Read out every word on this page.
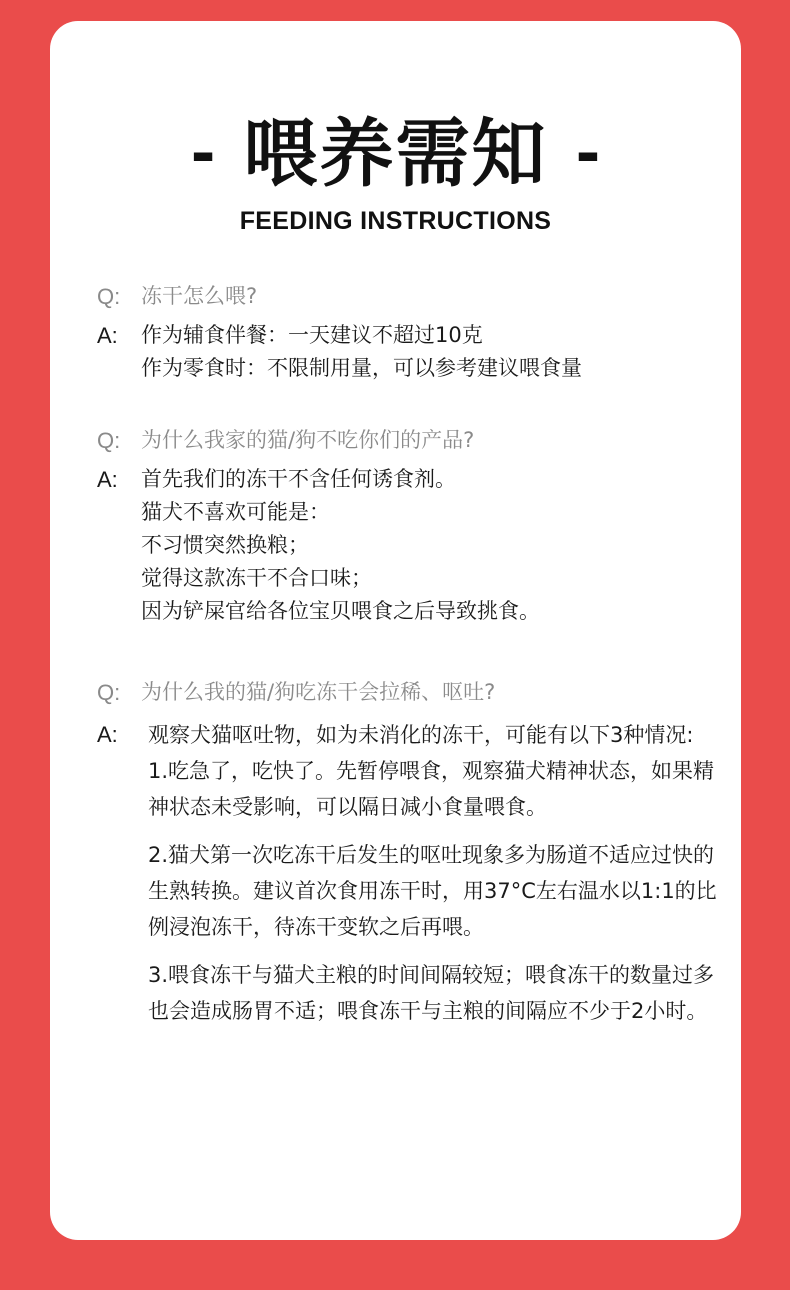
- 喂养需知 -
FEEDING INSTRUCTIONS
Q: 冻干怎么喂?
A: 作为辅食伴餐：一天建议不超过10克
作为零食时：不限制用量，可以参考建议喂食量
Q: 为什么我家的猫/狗不吃你们的产品?
A: 首先我们的冻干不含任何诱食剂。
猫犬不喜欢可能是：
不习惯突然换粮；
觉得这款冻干不合口味；
因为铲屎官给各位宝贝喂食之后导致挑食。
Q: 为什么我的猫/狗吃冻干会拉稀、呕吐?
A: 观察犬猫呕吐物，如为未消化的冻干，可能有以下3种情况:
1.吃急了，吃快了。先暂停喂食，观察猫犬精神状态，如果精神状态未受影响，可以隔日减小食量喂食。
2.猫犬第一次吃冻干后发生的呕吐现象多为肠道不适应过快的生熟转换。建议首次食用冻干时，用37°C左右温水以1:1的比例浸泡冻干，待冻干变软之后再喂。
3.喂食冻干与猫犬主粮的时间间隔较短；喂食冻干的数量过多也会造成肠胃不适；喂食冻干与主粮的间隔应不少于2小时。
